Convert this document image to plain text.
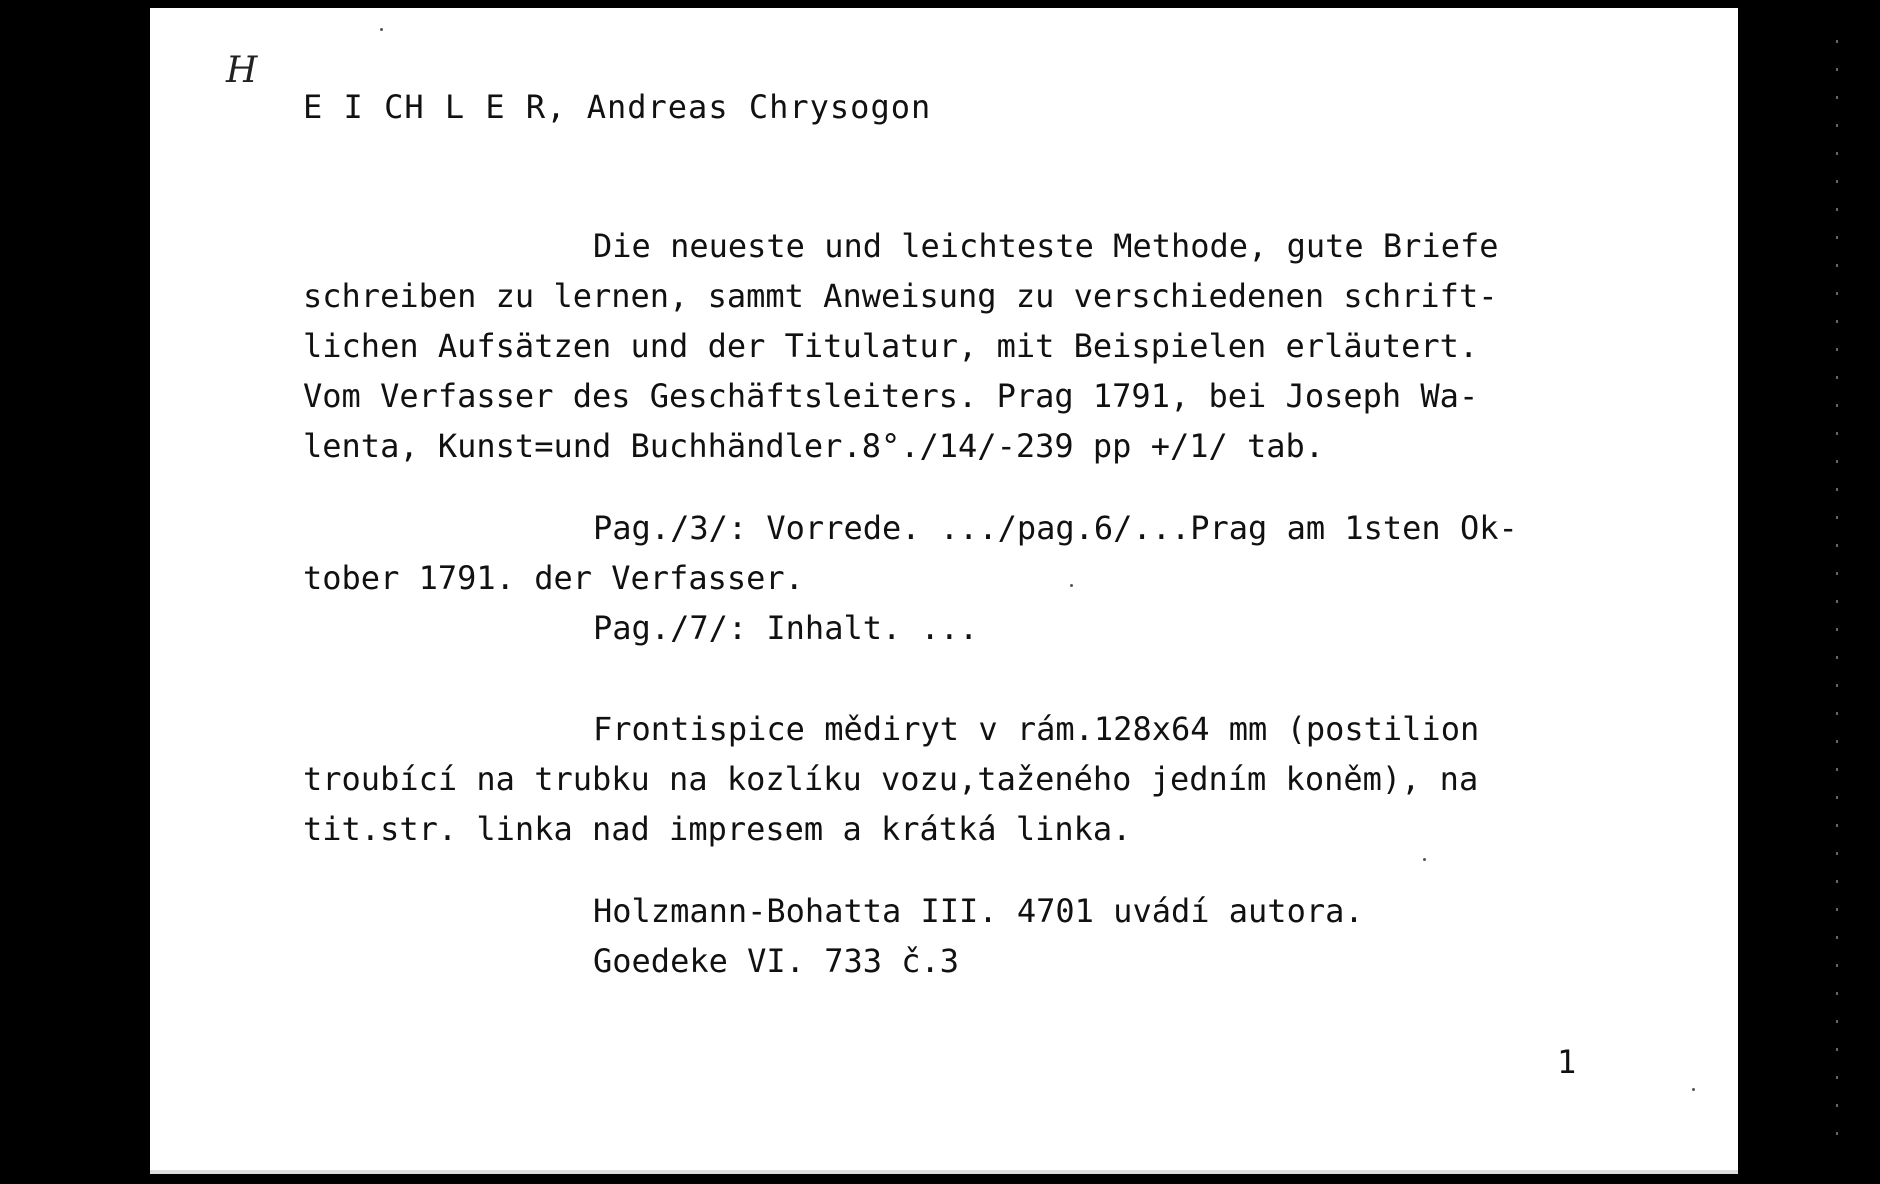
H
E I CH L E R, Andreas Chrysogon
Die neueste und leichteste Methode, gute Briefe
schreiben zu lernen, sammt Anweisung zu verschiedenen schrift-
lichen Aufsätzen und der Titulatur, mit Beispielen erläutert.
Vom Verfasser des Geschäftsleiters. Prag 1791, bei Joseph Wa-
lenta, Kunst=und Buchhändler.8°./14/-239 pp +/1/ tab.
Pag./3/: Vorrede. .../pag.6/...Prag am 1sten Ok-
tober 1791. der Verfasser.
Pag./7/: Inhalt. ...
Frontispice mědiryt v rám.128x64 mm (postilion
troubící na trubku na kozlíku vozu,taženého jedním koněm), na
tit.str. linka nad impresem a krátká linka.
Holzmann-Bohatta III. 4701 uvádí autora.
Goedeke VI. 733 č.3
1
